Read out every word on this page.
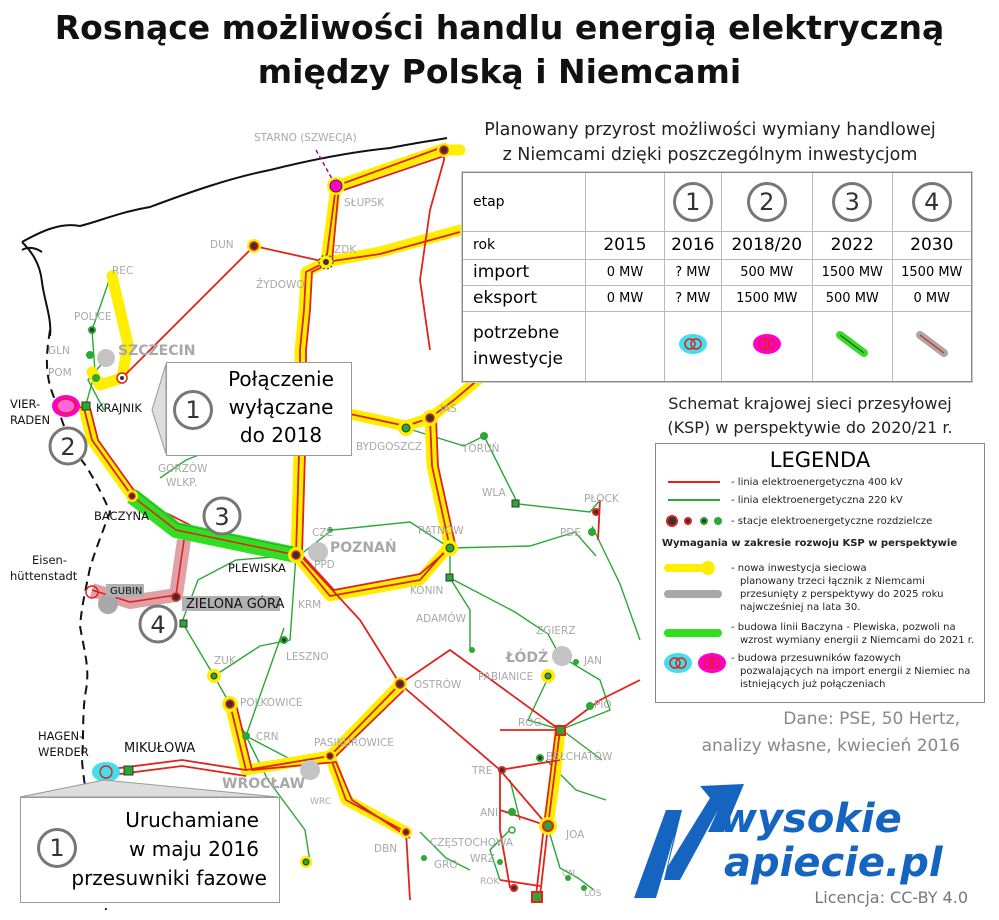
Rosnące możliwości handlu energią elektryczną
między Polską i Niemcami
STARNO (SZWECJA)
SŁUPSK
DUN	ZDK
ŻYDOWO
REC
POLICE
GLN
POM
JAS
BYDGOSZCZ	TORUŃ
GORZÓW
WLKP.
WLA	PŁOCK
CZE	PĄTNÓW	PDE
PPD
KRM
KONIN
ADAMÓW
ZGIERZ
JAN
ZUK	LESZNO
PABIANICE
OSTRÓW
POLKOWICE	PIO
CRN
ROG
PASIKUROWICE
BEŁCHATÓW
WRC
TRE
ANI
JOA
CZĘSTOCHOWA
DBN
WRZ
GRO
ROK
CN
LOS
SZCZECIN
POZNAŃ
ŁÓDŹ
WROCŁAW
VIER-
RADEN
KRAJNIK
BACZYNA
PLEWISKA
Eisen-
hüttenstadt
HAGEN-
WERDER
GUBIN
ZIELONA GÓRA
MIKUŁOWA
2
3
4
1
Połączenie
wyłączane
do 2018
1
Uruchamiane
w maju 2016
przesuwniki fazowe
Planowany przyrost możliwości wymiany handlowej
z Niemcami dzięki poszczególnym inwestycjom
etap		1	2	3	4
rok	2015	2016	2018/20	2022	2030
import	0 MW	? MW	500 MW	1500 MW	1500 MW
eksport	0 MW	? MW	1500 MW	500 MW	0 MW

potrzebne
inwestycje

Schemat krajowej sieci przesyłowej
(KSP) w perspektywie do 2020/21 r.
LEGENDA
- linia elektroenergetyczna 400 kV
- linia elektroenergetyczna 220 kV
- stacje elektroenergetyczne rozdzielcze
Wymagania w zakresie rozwoju KSP w perspektywie
- nowa inwestycja sieciowa
planowany trzeci łącznik z Niemcami
przesunięty z perspektywy do 2025 roku
najwcześniej na lata 30.
- budowa linii Baczyna - Plewiska, pozwoli na
wzrost wymiany energii z Niemcami do 2021 r.
- budowa przesuwników fazowych
pozwalających na import energii z Niemiec na
istniejących już połączeniach
Dane: PSE, 50 Hertz,
analizy własne, kwiecień 2016
wysokie
apiecie.pl
Licencja: CC-BY 4.0
